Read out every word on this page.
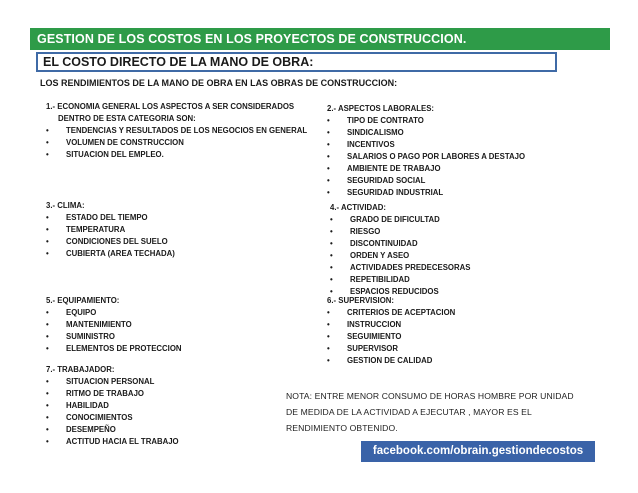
GESTION DE LOS COSTOS EN LOS PROYECTOS DE CONSTRUCCION.
EL COSTO DIRECTO DE LA MANO DE OBRA:
LOS RENDIMIENTOS DE LA MANO DE OBRA EN LAS OBRAS DE CONSTRUCCION:
1.- ECONOMIA GENERAL LOS ASPECTOS A SER CONSIDERADOS
DENTRO DE ESTA CATEGORIA SON:
• TENDENCIAS Y RESULTADOS DE LOS NEGOCIOS EN GENERAL
• VOLUMEN DE CONSTRUCCION
• SITUACION DEL EMPLEO.
2.- ASPECTOS LABORALES:
• TIPO DE CONTRATO
• SINDICALISMO
• INCENTIVOS
• SALARIOS O PAGO POR LABORES A DESTAJO
• AMBIENTE DE TRABAJO
• SEGURIDAD SOCIAL
• SEGURIDAD INDUSTRIAL
3.- CLIMA:
• ESTADO DEL TIEMPO
• TEMPERATURA
• CONDICIONES DEL SUELO
• CUBIERTA (AREA TECHADA)
4.- ACTIVIDAD:
• GRADO DE DIFICULTAD
• RIESGO
• DISCONTINUIDAD
• ORDEN Y ASEO
• ACTIVIDADES PREDECESORAS
• REPETIBILIDAD
• ESPACIOS REDUCIDOS
5.- EQUIPAMIENTO:
• EQUIPO
• MANTENIMIENTO
• SUMINISTRO
• ELEMENTOS DE PROTECCION
6.- SUPERVISION:
• CRITERIOS DE ACEPTACION
• INSTRUCCION
• SEGUIMIENTO
• SUPERVISOR
• GESTION DE CALIDAD
7.- TRABAJADOR:
• SITUACION PERSONAL
• RITMO DE TRABAJO
• HABILIDAD
• CONOCIMIENTOS
• DESEMPEÑO
• ACTITUD HACIA EL TRABAJO
NOTA: ENTRE MENOR CONSUMO DE HORAS HOMBRE POR UNIDAD DE MEDIDA DE LA ACTIVIDAD A EJECUTAR , MAYOR ES EL RENDIMIENTO OBTENIDO.
facebook.com/obrain.gestiondecostos
